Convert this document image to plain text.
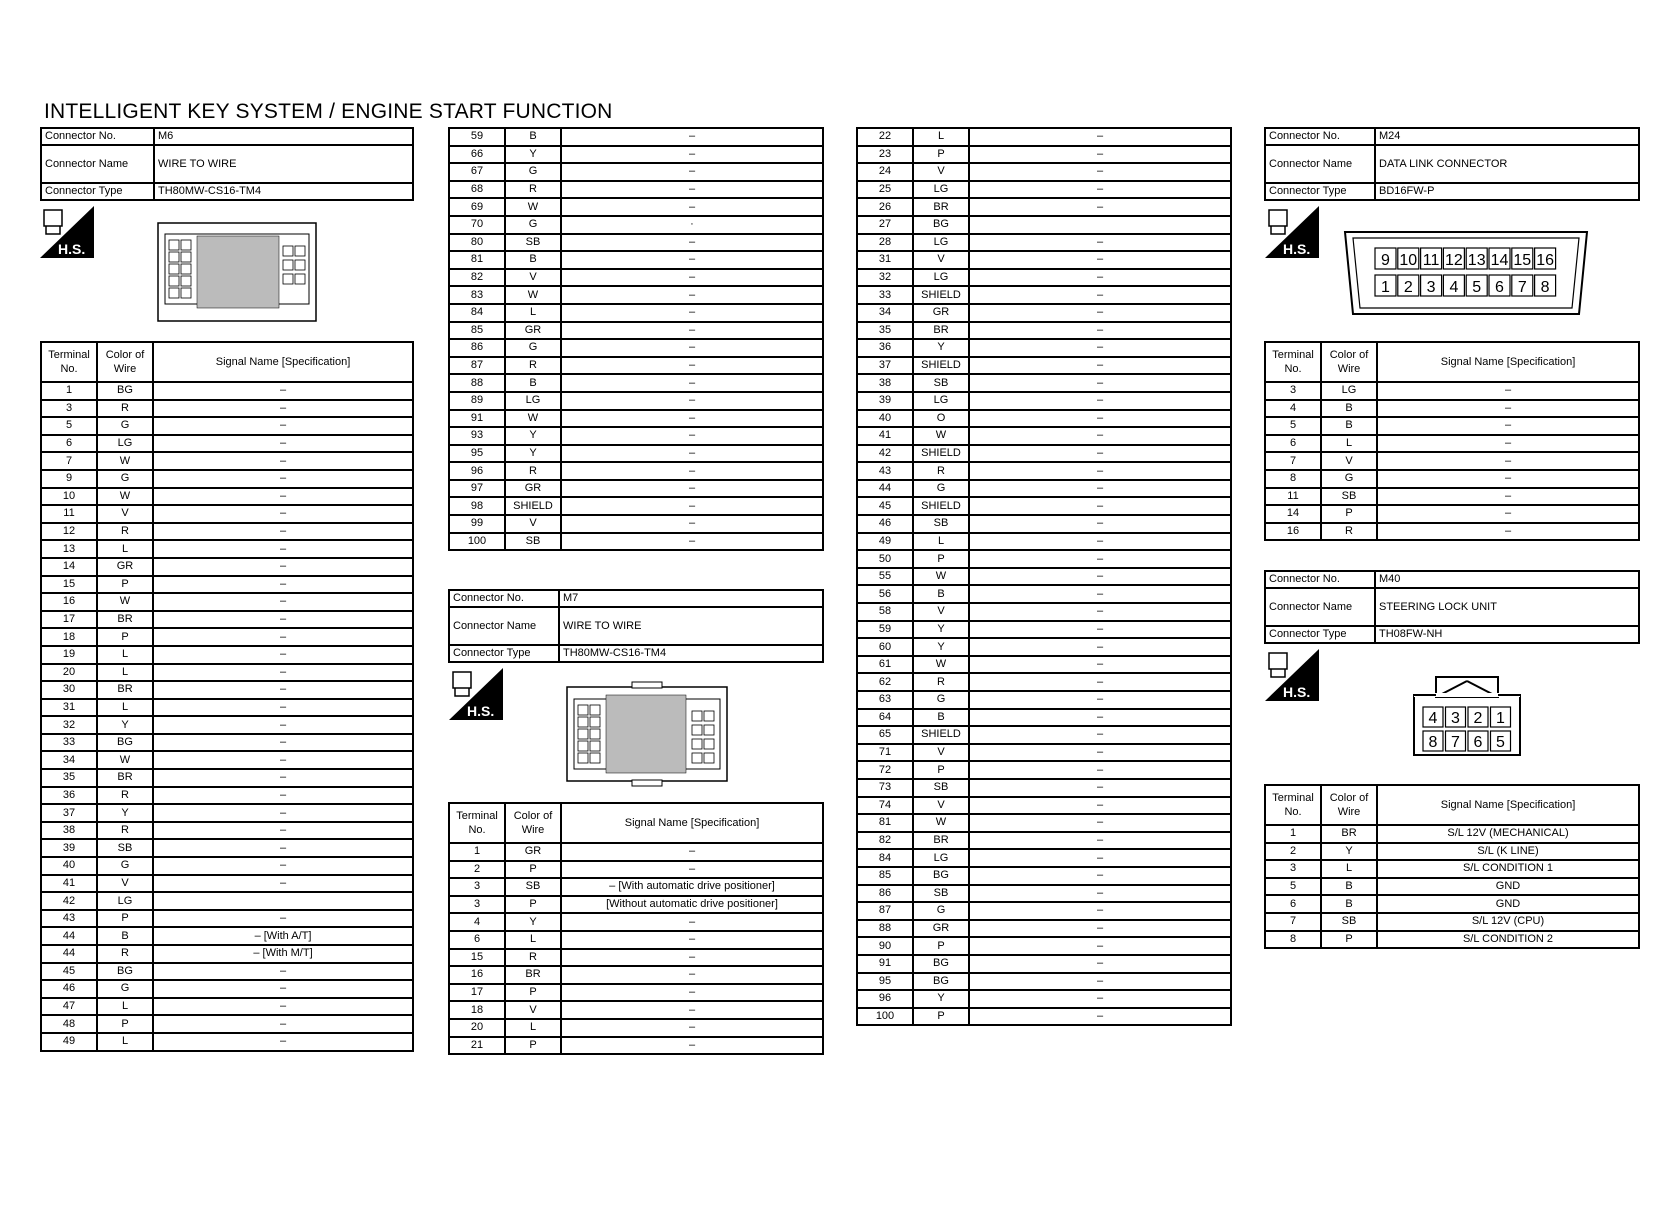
INTELLIGENT KEY SYSTEM / ENGINE START FUNCTION
Connector No.	M6
Connector Name	WIRE TO WIRE
Connector Type	TH80MW-CS16-TM4
H.S.
Terminal No.	Color of Wire	Signal Name [Specification]
1	BG	–
3	R	–
5	G	–
6	LG	–
7	W	–
9	G	–
10	W	–
11	V	–
12	R	–
13	L	–
14	GR	–
15	P	–
16	W	–
17	BR	–
18	P	–
19	L	–
20	L	–
30	BR	–
31	L	–
32	Y	–
33	BG	–
34	W	–
35	BR	–
36	R	–
37	Y	–
38	R	–
39	SB	–
40	G	–
41	V	–
42	LG	
43	P	–
44	B	– [With A/T]
44	R	– [With M/T]
45	BG	–
46	G	–
47	L	–
48	P	–
49	L	–
59	B	–
66	Y	–
67	G	–
68	R	–
69	W	–
70	G	·
80	SB	–
81	B	–
82	V	–
83	W	–
84	L	–
85	GR	–
86	G	–
87	R	–
88	B	–
89	LG	–
91	W	–
93	Y	–
95	Y	–
96	R	–
97	GR	–
98	SHIELD	–
99	V	–
100	SB	–
Connector No.	M7
Connector Name	WIRE TO WIRE
Connector Type	TH80MW-CS16-TM4
H.S.
Terminal No.	Color of Wire	Signal Name [Specification]
1	GR	–
2	P	–
3	SB	– [With automatic drive positioner]
3	P	[Without automatic drive positioner]
4	Y	–
6	L	–
15	R	–
16	BR	–
17	P	–
18	V	–
20	L	–
21	P	–
22	L	–
23	P	–
24	V	–
25	LG	–
26	BR	–
27	BG	
28	LG	–
31	V	–
32	LG	–
33	SHIELD	–
34	GR	–
35	BR	–
36	Y	–
37	SHIELD	–
38	SB	–
39	LG	–
40	O	–
41	W	–
42	SHIELD	–
43	R	–
44	G	–
45	SHIELD	–
46	SB	–
49	L	–
50	P	–
55	W	–
56	B	–
58	V	–
59	Y	–
60	Y	–
61	W	–
62	R	–
63	G	–
64	B	–
65	SHIELD	–
71	V	–
72	P	–
73	SB	–
74	V	–
81	W	–
82	BR	–
84	LG	–
85	BG	–
86	SB	–
87	G	–
88	GR	–
90	P	–
91	BG	–
95	BG	–
96	Y	–
100	P	–
Connector No.	M24
Connector Name	DATA LINK CONNECTOR
Connector Type	BD16FW-P
H.S.
9 10 11 12 13 14 15 16
1 2 3 4 5 6 7 8
Terminal No.	Color of Wire	Signal Name [Specification]
3	LG	–
4	B	–
5	B	–
6	L	–
7	V	–
8	G	–
11	SB	–
14	P	–
16	R	–
Connector No.	M40
Connector Name	STEERING LOCK UNIT
Connector Type	TH08FW-NH
H.S.
4 3 2 1
8 7 6 5
Terminal No.	Color of Wire	Signal Name [Specification]
1	BR	S/L 12V (MECHANICAL)
2	Y	S/L (K LINE)
3	L	S/L CONDITION 1
5	B	GND
6	B	GND
7	SB	S/L 12V (CPU)
8	P	S/L CONDITION 2
